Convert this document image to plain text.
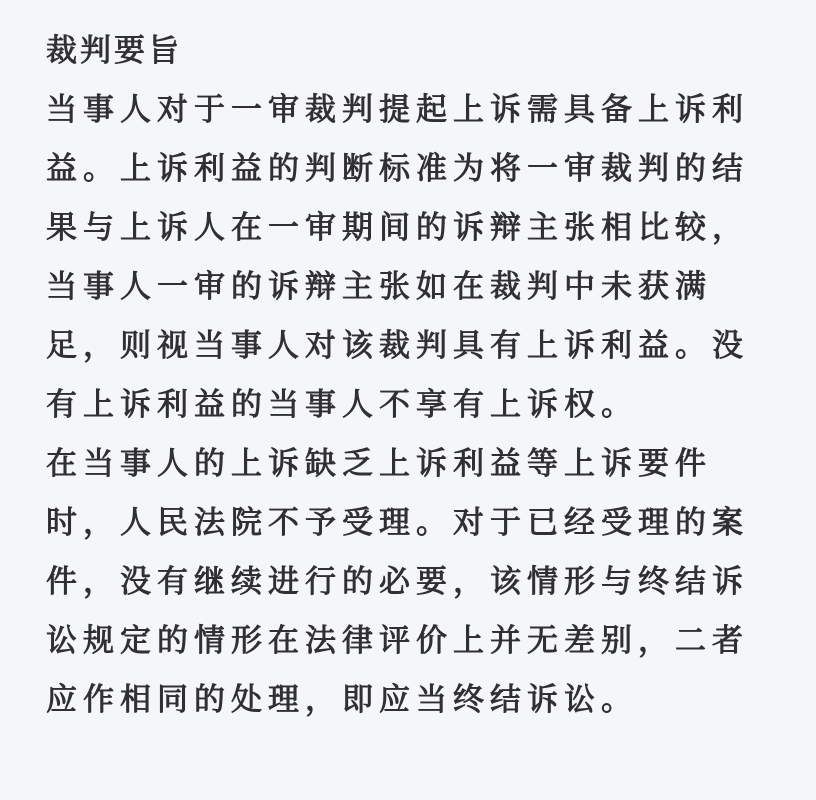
裁判要旨

当事人对于一审裁判提起上诉需具备上诉利
益。上诉利益的判断标准为将一审裁判的结
果与上诉人在一审期间的诉辩主张相比较，
当事人一审的诉辩主张如在裁判中未获满
足，则视当事人对该裁判具有上诉利益。没
有上诉利益的当事人不享有上诉权。

在当事人的上诉缺乏上诉利益等上诉要件
时，人民法院不予受理。对于已经受理的案
件，没有继续进行的必要，该情形与终结诉
讼规定的情形在法律评价上并无差别，二者
应作相同的处理，即应当终结诉讼。
